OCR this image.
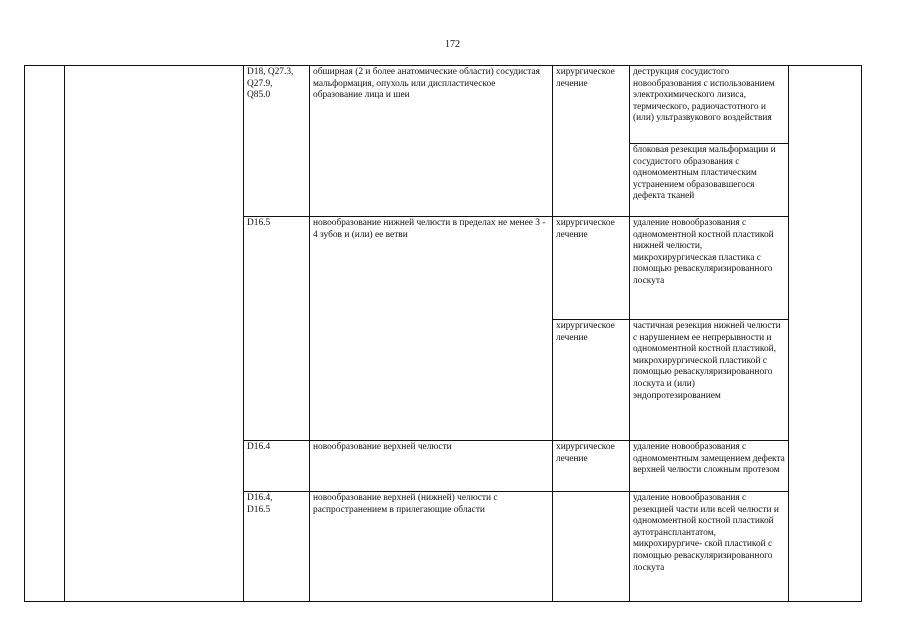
172
		D18, Q27.3,
Q27.9,
Q85.0	обширная (2 и более анатомические области) сосудистая мальформация, опухоль или диспластическое
образование лица и шеи	хирургическое лечение	деструкция сосудистого новообразования с использованием электрохимического лизиса, термического, радиочастотного и (или) ультразвукового воздействия	
					блоковая резекция мальформации и сосудистого образования с одномоментным пластическим устранением образовавшегося дефекта тканей	
		D16.5	новообразование нижней челюсти в пределах не менее 3 - 4 зубов и (или) ее ветви	хирургическое лечение	удаление новообразования с одномоментной костной пластикой нижней челюсти, микрохирургическая пластика с помощью реваскуляризированного лоскута	
				хирургическое лечение	частичная резекция нижней челюсти с нарушением ее непрерывности и одномоментной костной пластикой, микрохирургической пластикой с помощью реваскуляризированного лоскута и (или) эндопротезированием	
		D16.4	новообразование верхней челюсти	хирургическое лечение	удаление новообразования с одномоментным замещением дефекта верхней челюсти сложным протезом	
		D16.4,
D16.5	новообразование верхней (нижней) челюсти с распространением в прилегающие области		удаление новообразования с резекцией части или всей челюсти и одномоментной костной пластикой аутотрансплантатом, микрохирургиче- ской пластикой с помощью реваскуляризированного лоскута	
